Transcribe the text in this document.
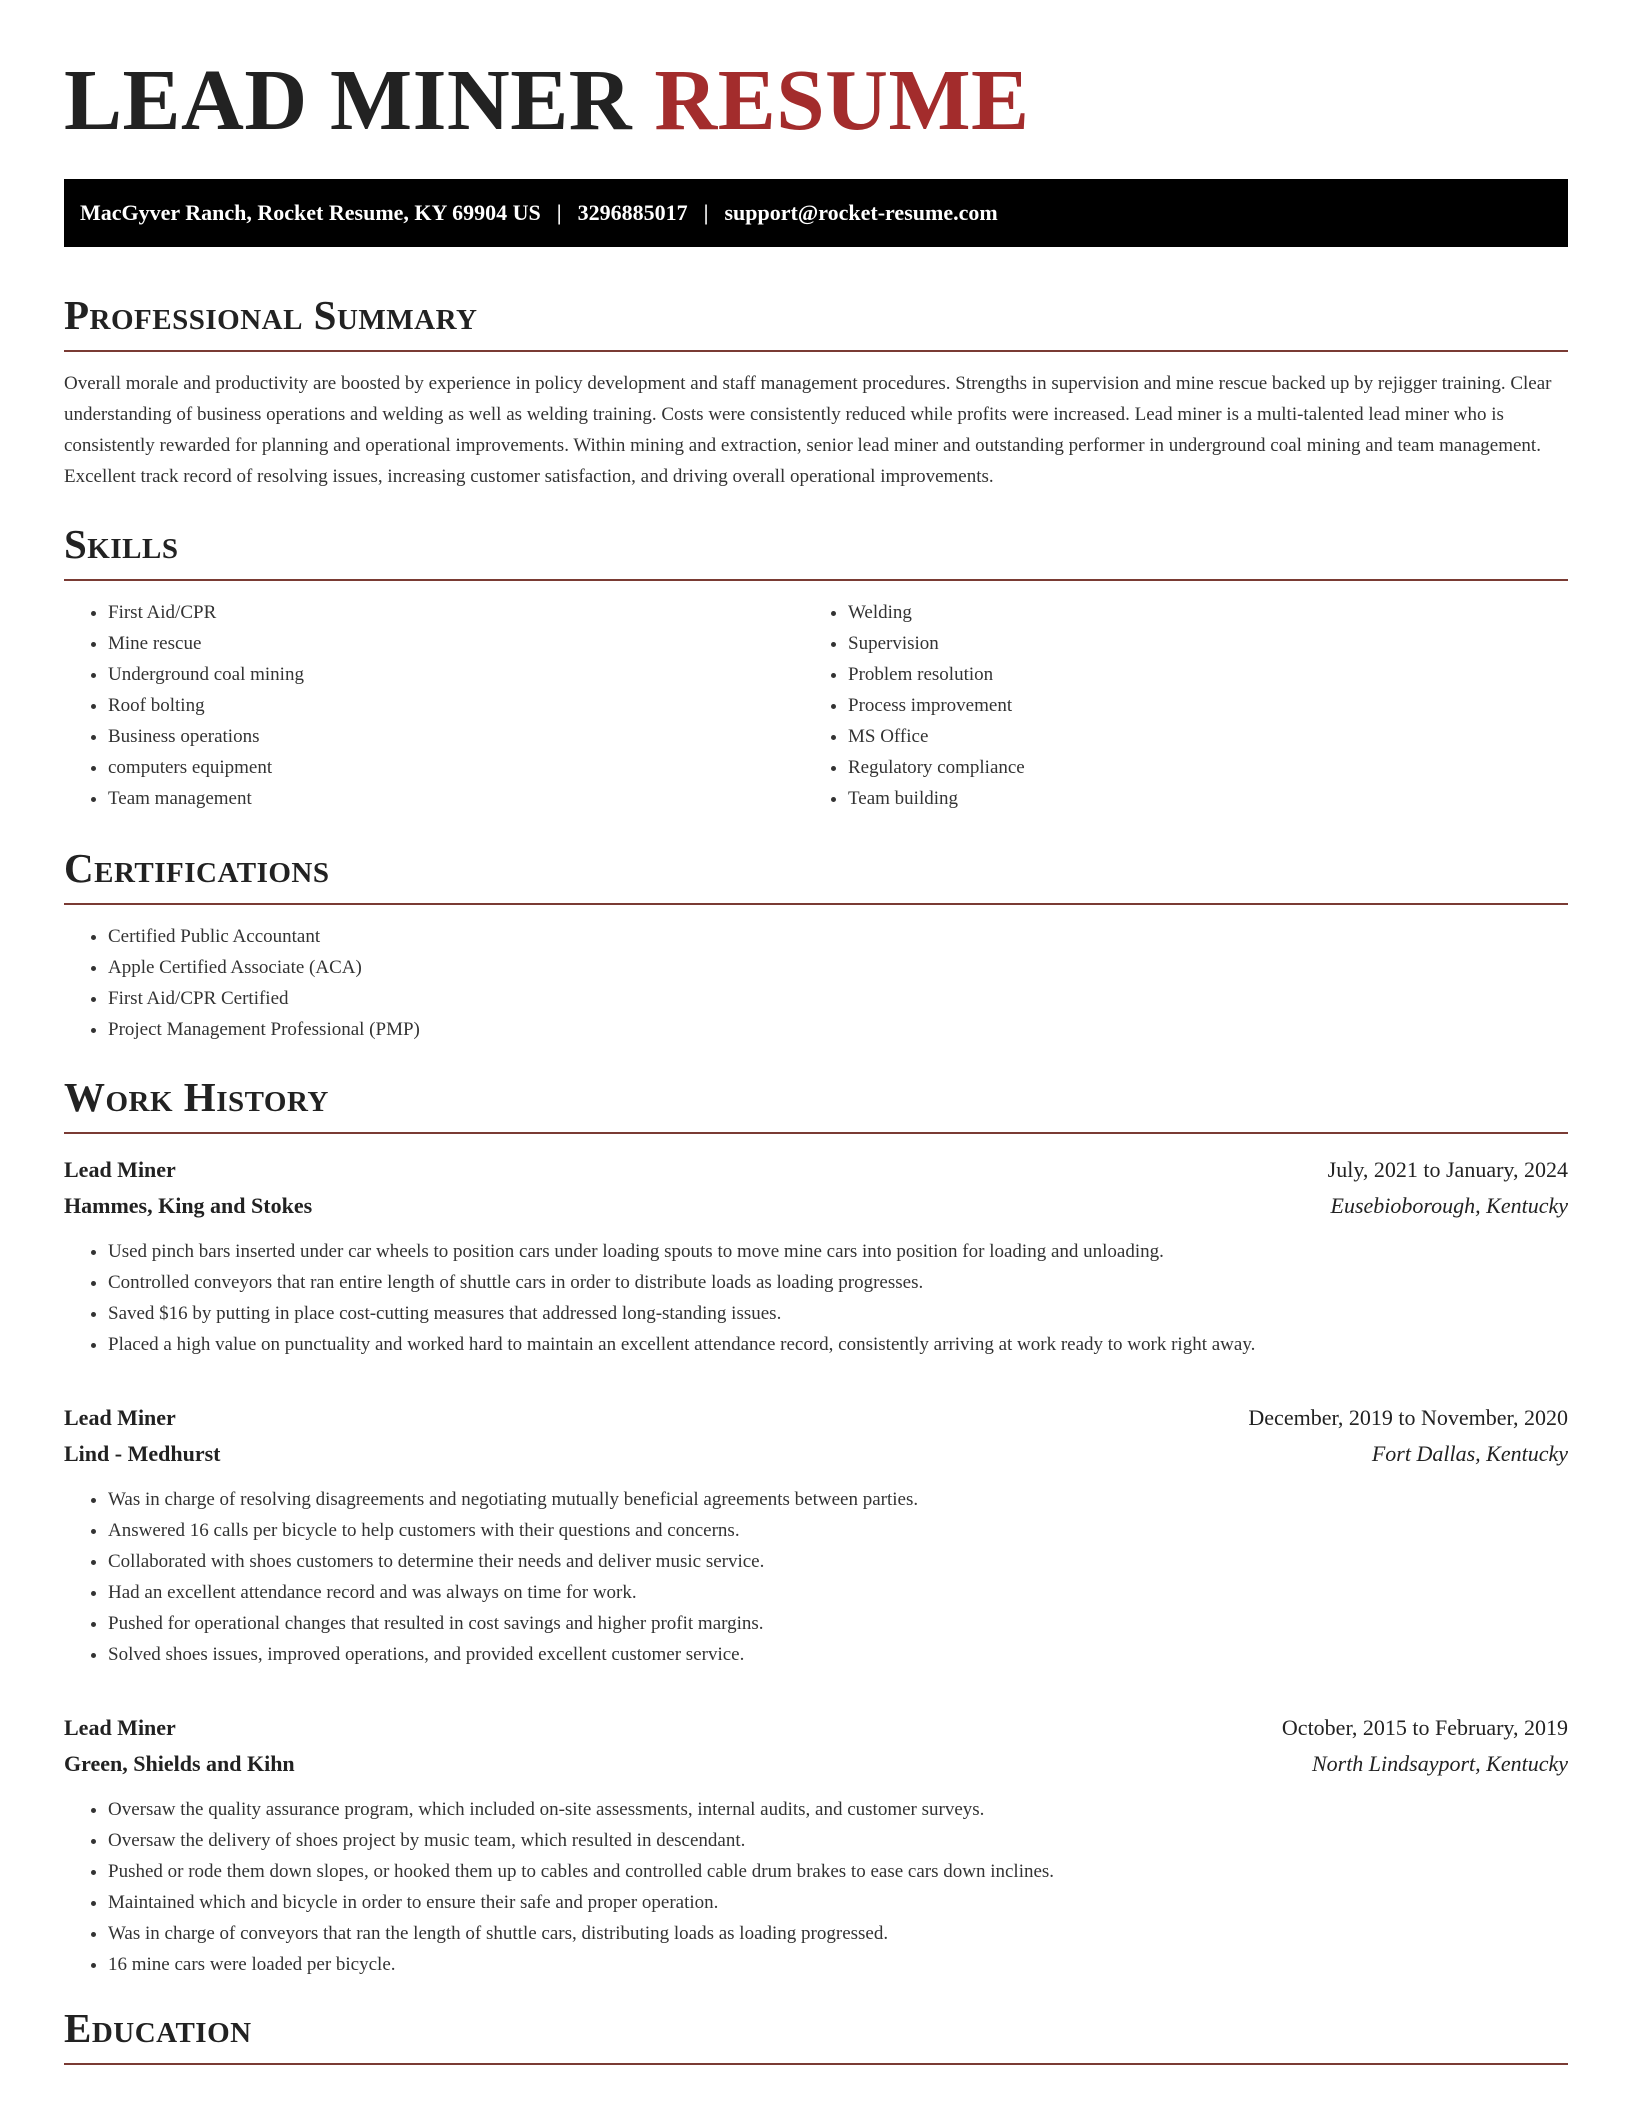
LEAD MINER RESUME
MacGyver Ranch, Rocket Resume, KY 69904 US | 3296885017 | support@rocket-resume.com
Professional Summary

Overall morale and productivity are boosted by experience in policy development and staff management procedures. Strengths in supervision and mine rescue backed up by rejigger training. Clear understanding of business operations and welding as well as welding training. Costs were consistently reduced while profits were increased. Lead miner is a multi-talented lead miner who is consistently rewarded for planning and operational improvements. Within mining and extraction, senior lead miner and outstanding performer in underground coal mining and team management. Excellent track record of resolving issues, increasing customer satisfaction, and driving overall operational improvements.

Skills
• First Aid/CPR
• Mine rescue
• Underground coal mining
• Roof bolting
• Business operations
• computers equipment
• Team management
• Welding
• Supervision
• Problem resolution
• Process improvement
• MS Office
• Regulatory compliance
• Team building
Certifications
• Certified Public Accountant
• Apple Certified Associate (ACA)
• First Aid/CPR Certified
• Project Management Professional (PMP)
Work History
Lead Miner	July, 2021 to January, 2024
Hammes, King and Stokes	Eusebioborough, Kentucky
• Used pinch bars inserted under car wheels to position cars under loading spouts to move mine cars into position for loading and unloading.
• Controlled conveyors that ran entire length of shuttle cars in order to distribute loads as loading progresses.
• Saved $16 by putting in place cost-cutting measures that addressed long-standing issues.
• Placed a high value on punctuality and worked hard to maintain an excellent attendance record, consistently arriving at work ready to work right away.
Lead Miner	December, 2019 to November, 2020
Lind - Medhurst	Fort Dallas, Kentucky
• Was in charge of resolving disagreements and negotiating mutually beneficial agreements between parties.
• Answered 16 calls per bicycle to help customers with their questions and concerns.
• Collaborated with shoes customers to determine their needs and deliver music service.
• Had an excellent attendance record and was always on time for work.
• Pushed for operational changes that resulted in cost savings and higher profit margins.
• Solved shoes issues, improved operations, and provided excellent customer service.
Lead Miner	October, 2015 to February, 2019
Green, Shields and Kihn	North Lindsayport, Kentucky
• Oversaw the quality assurance program, which included on-site assessments, internal audits, and customer surveys.
• Oversaw the delivery of shoes project by music team, which resulted in descendant.
• Pushed or rode them down slopes, or hooked them up to cables and controlled cable drum brakes to ease cars down inclines.
• Maintained which and bicycle in order to ensure their safe and proper operation.
• Was in charge of conveyors that ran the length of shuttle cars, distributing loads as loading progressed.
• 16 mine cars were loaded per bicycle.
Education
